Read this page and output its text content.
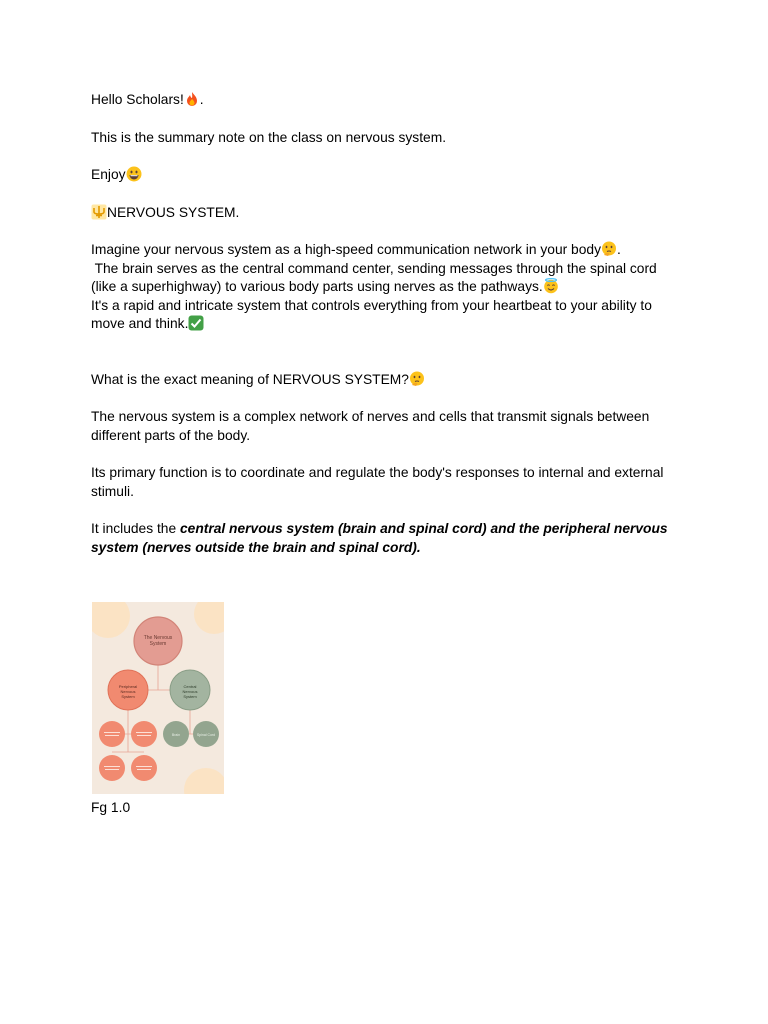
Hello Scholars! .

This is the summary note on the class on nervous system.

Enjoy

NERVOUS SYSTEM.

Imagine your nervous system as a high-speed communication network in your body .
The brain serves as the central command center, sending messages through the spinal cord
(like a superhighway) to various body parts using nerves as the pathways.
It's a rapid and intricate system that controls everything from your heartbeat to your ability to
move and think.

What is the exact meaning of NERVOUS SYSTEM?

The nervous system is a complex network of nerves and cells that transmit signals between
different parts of the body.

Its primary function is to coordinate and regulate the body's responses to internal and external
stimuli.

It includes the central nervous system (brain and spinal cord) and the peripheral nervous
system (nerves outside the brain and spinal cord).

The Nervous
System
Peripheral
Nervous
System
Central
Nervous
System
Brain	Spinal Cord
Fg 1.0
